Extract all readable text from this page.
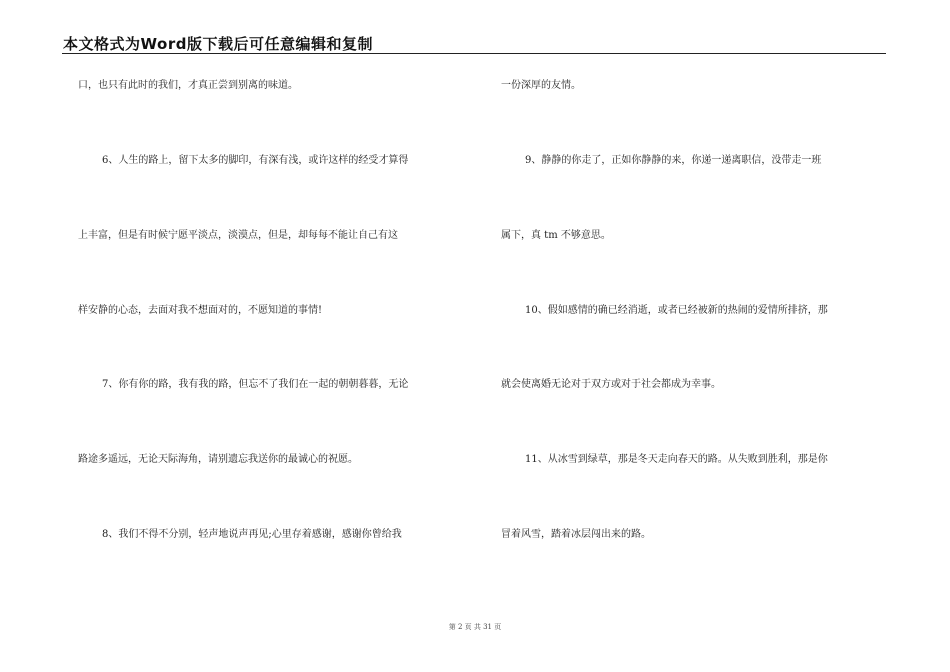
本文格式为Word版下载后可任意编辑和复制
口，也只有此时的我们，才真正尝到别离的味道。
6、人生的路上，留下太多的脚印，有深有浅，或许这样的经受才算得
上丰富，但是有时候宁愿平淡点，淡漠点，但是，却每每不能让自己有这
样安静的心态，去面对我不想面对的，不愿知道的事情!
7、你有你的路，我有我的路，但忘不了我们在一起的朝朝暮暮，无论
路途多遥远，无论天际海角，请别遗忘我送你的最诚心的祝愿。
8、我们不得不分别，轻声地说声再见;心里存着感谢，感谢你曾给我
一份深厚的友情。
9、静静的你走了，正如你静静的来，你递一递离职信，没带走一班
属下，真 tm 不够意思。
10、假如感情的确已经消逝，或者已经被新的热闹的爱情所排挤，那
就会使离婚无论对于双方或对于社会都成为幸事。
11、从冰雪到绿草，那是冬天走向春天的路。从失败到胜利，那是你
冒着风雪，踏着冰层闯出来的路。
第 2 页 共 31 页
